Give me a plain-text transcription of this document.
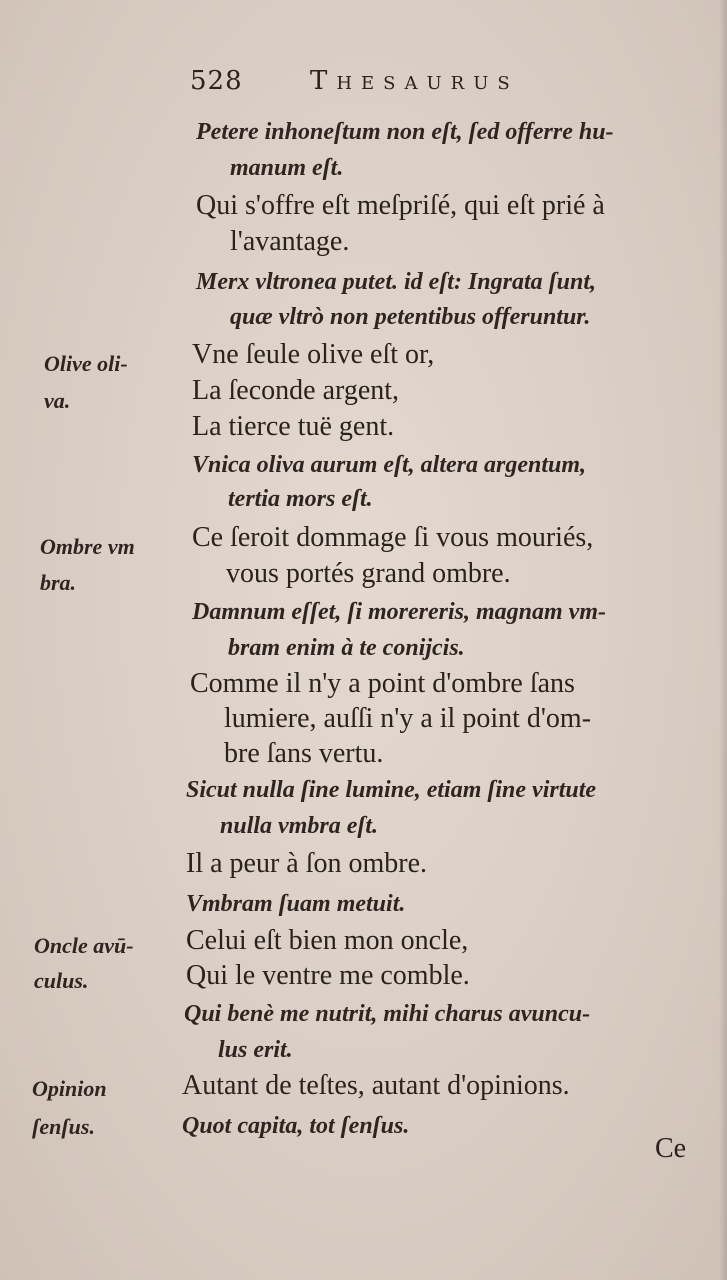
528	Thesaurus
Petere inhoneſtum non eſt, ſed offerre hu-
manum eſt.
Qui s'offre eſt meſpriſé, qui eſt prié à
l'avantage.
Merx vltronea putet. id eſt: Ingrata ſunt,
quæ vltrò non petentibus offeruntur.
Vne ſeule olive eſt or,
La ſeconde argent,
La tierce tuë gent.
Vnica oliva aurum eſt, altera argentum,
tertia mors eſt.
Ce ſeroit dommage ſi vous mouriés,
vous portés grand ombre.
Damnum eſſet, ſi morereris, magnam vm-
bram enim à te conijcis.
Comme il n'y a point d'ombre ſans
lumiere, auſſi n'y a il point d'om-
bre ſans vertu.
Sicut nulla ſine lumine, etiam ſine virtute
nulla vmbra eſt.
Il a peur à ſon ombre.
Vmbram ſuam metuit.
Celui eſt bien mon oncle,
Qui le ventre me comble.
Qui benè me nutrit, mihi charus avuncu-
lus erit.
Autant de teſtes, autant d'opinions.
Quot capita, tot ſenſus.
Olive oli-
va.
Ombre vm
bra.
Oncle avū-
culus.
Opinion
ſenſus.
Ce
